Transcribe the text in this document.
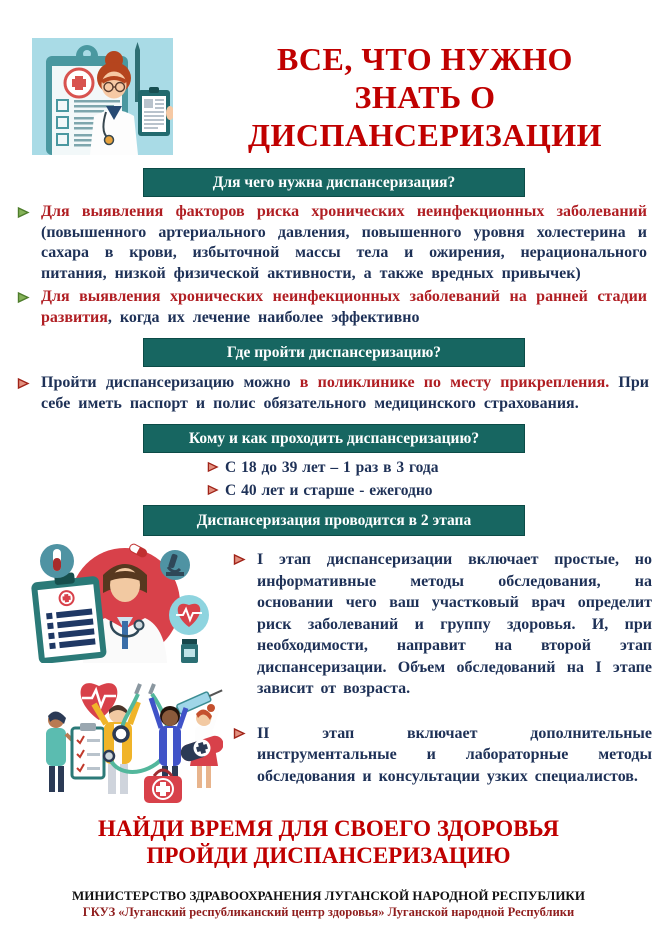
ВСЕ, ЧТО НУЖНО
ЗНАТЬ О
ДИСПАНСЕРИЗАЦИИ
Для чего нужна диспансеризация?
Для выявления факторов риска хронических неинфекционных заболеваний (повышенного артериального давления, повышенного уровня холестерина и сахара в крови, избыточной массы тела и ожирения, нерационального питания, низкой физической активности, а также вредных привычек)
Для выявления хронических неинфекционных заболеваний на ранней стадии развития, когда их лечение наиболее эффективно
Где пройти диспансеризацию?
Пройти диспансеризацию можно в поликлинике по месту прикрепления. При себе иметь паспорт и полис обязательного медицинского страхования.
Кому и как проходить диспансеризацию?
С 18 до 39 лет – 1 раз в 3 года
С 40 лет и старше - ежегодно
Диспансеризация проводится в 2 этапа
I этап диспансеризации включает простые, но информативные методы обследования, на основании чего ваш участковый врач определит риск заболеваний и группу здоровья. И, при необходимости, направит на второй этап диспансеризации. Объем обследований на I этапе зависит от возраста.
II этап включает дополнительные инструментальные и лабораторные методы обследования и консультации узких специалистов.
НАЙДИ ВРЕМЯ ДЛЯ СВОЕГО ЗДОРОВЬЯ
ПРОЙДИ ДИСПАНСЕРИЗАЦИЮ
МИНИСТЕРСТВО ЗДРАВООХРАНЕНИЯ ЛУГАНСКОЙ НАРОДНОЙ РЕСПУБЛИКИ
ГКУЗ «Луганский республиканский центр здоровья» Луганской народной Республики
